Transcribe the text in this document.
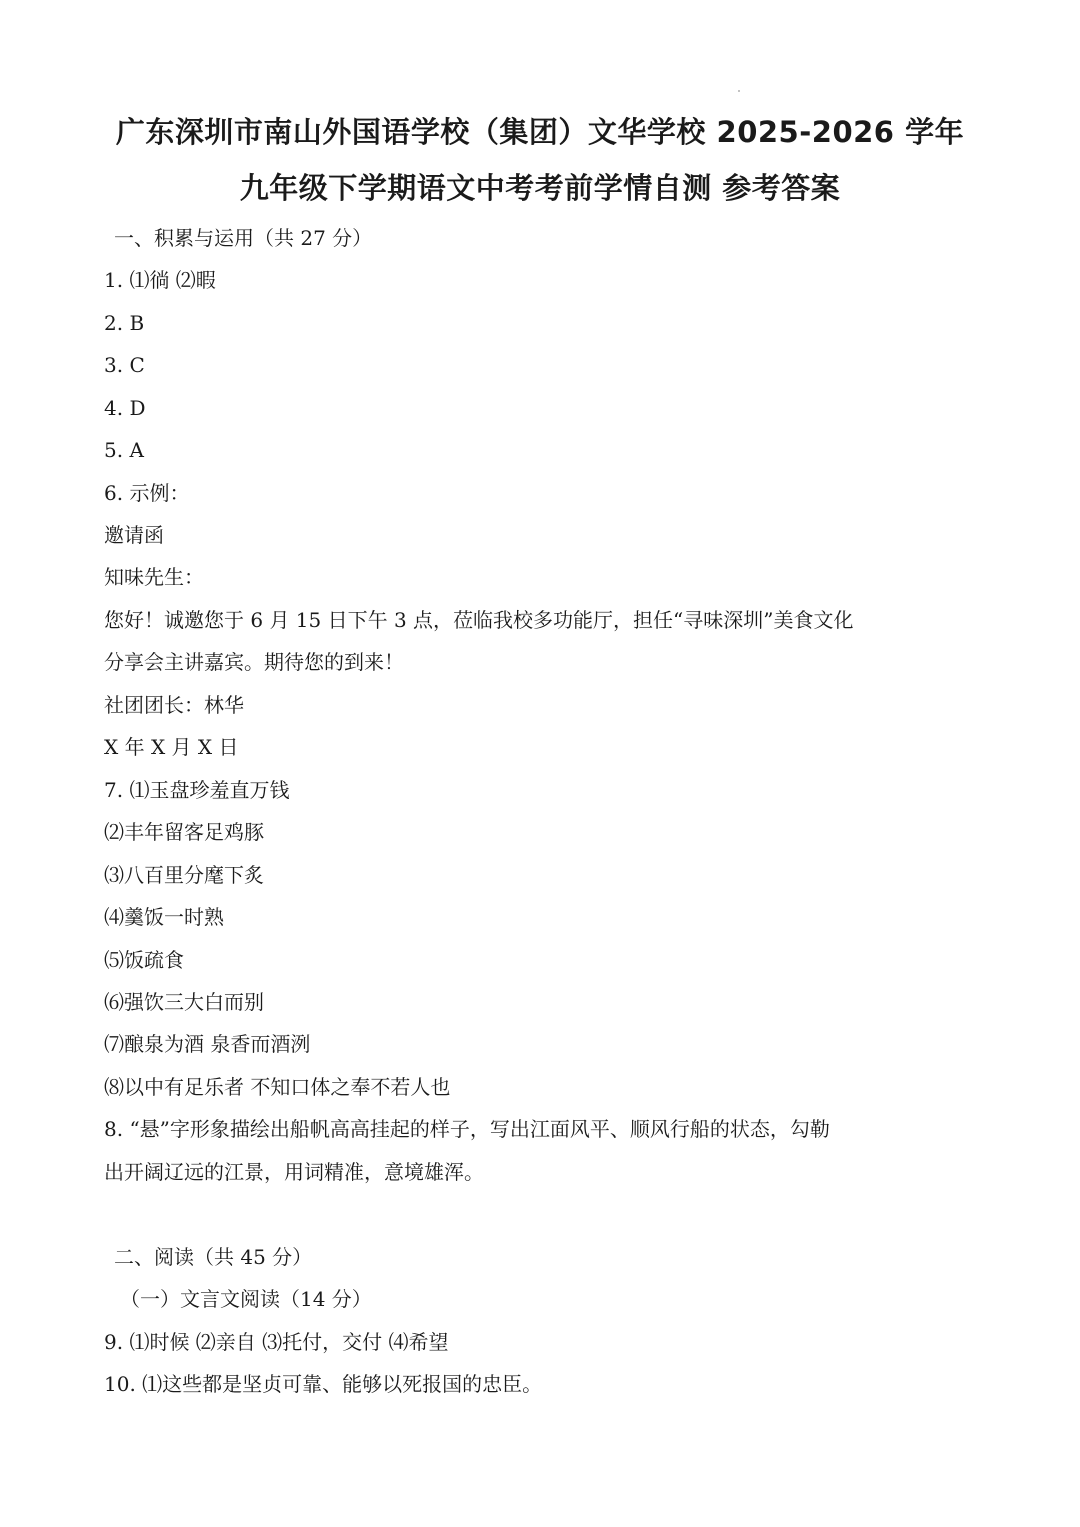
广东深圳市南山外国语学校（集团）文华学校 2025-2026 学年
九年级下学期语文中考考前学情自测 参考答案
一、积累与运用（共 27 分）
1. ⑴徜 ⑵暇
2. B
3. C
4. D
5. A
6. 示例：
邀请函
知味先生：
您好！诚邀您于 6 月 15 日下午 3 点，莅临我校多功能厅，担任“寻味深圳”美食文化
分享会主讲嘉宾。期待您的到来！
社团团长：林华
X 年 X 月 X 日
7. ⑴玉盘珍羞直万钱
⑵丰年留客足鸡豚
⑶八百里分麾下炙
⑷羹饭一时熟
⑸饭疏食
⑹强饮三大白而别
⑺酿泉为酒 泉香而酒洌
⑻以中有足乐者 不知口体之奉不若人也
8. “悬”字形象描绘出船帆高高挂起的样子，写出江面风平、顺风行船的状态，勾勒
出开阔辽远的江景，用词精准，意境雄浑。
二、阅读（共 45 分）
（一）文言文阅读（14 分）
9. ⑴时候 ⑵亲自 ⑶托付，交付 ⑷希望
10. ⑴这些都是坚贞可靠、能够以死报国的忠臣。
